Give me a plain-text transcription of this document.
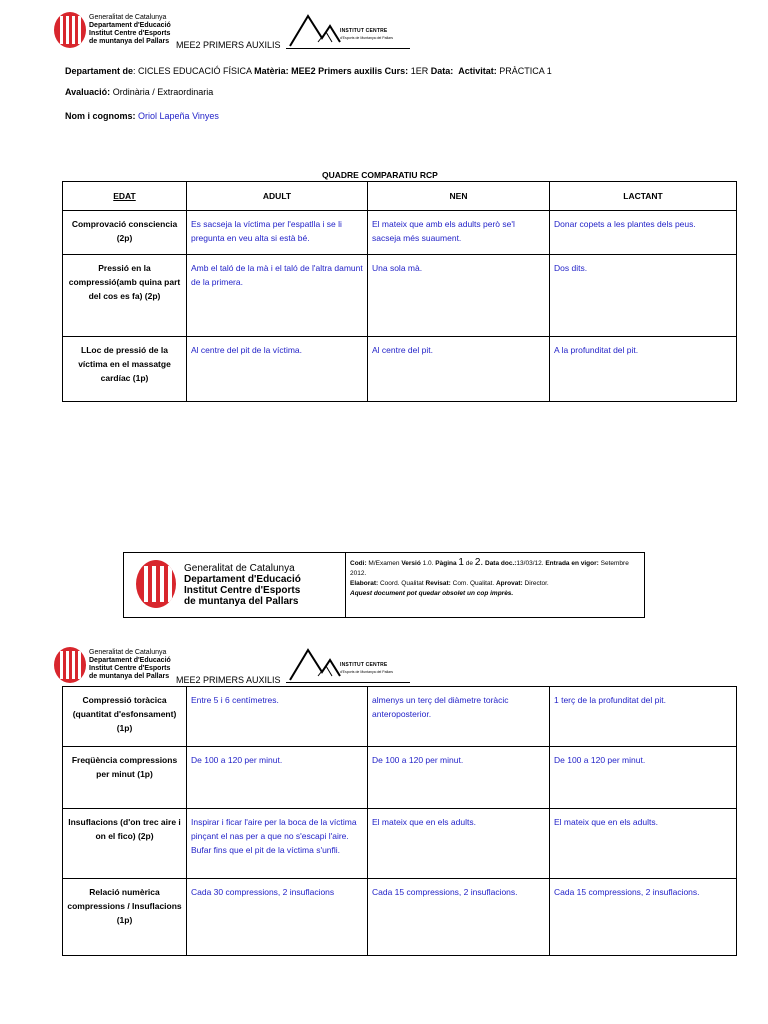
Generalitat de Catalunya
Departament d'Educació
Institut Centre d'Esports
de muntanya del Pallars MEE2 PRIMERS AUXILIS
INSTITUT CENTRE
d'Esports de Muntanya del Pallars
Departament de: CICLES EDUCACIÓ FÍSICA Matèria: MEE2 Primers auxilis Curs: 1ER Data: Activitat: PRÀCTICA 1
Avaluació: Ordinària / Extraordinaria
Nom i cognoms: Oriol Lapeña Vinyes
QUADRE COMPARATIU RCP
EDAT	ADULT	NEN	LACTANT
Comprovació consciencia (2p)	Es sacseja la víctima per l'espatlla i se li pregunta en veu alta si està bé.	El mateix que amb els adults però se'l sacseja més suaument.	Donar copets a les plantes dels peus.
Pressió en la compressió(amb quina part del cos es fa) (2p)	Amb el taló de la mà i el taló de l'altra damunt de la primera.	Una sola mà.	Dos dits.
LLoc de pressió de la víctima en el massatge cardíac (1p)	Al centre del pit de la víctima.	Al centre del pit.	A la profunditat del pit.
Generalitat de Catalunya
Departament d'Educació
Institut Centre d'Esports
de muntanya del Pallars
Codi: M/Examen Versió 1.0. Pàgina 1 de 2. Data doc.:13/03/12. Entrada en vigor: Setembre 2012.
Elaborat: Coord. Qualitat Revisat: Com. Qualitat. Aprovat: Director.
Aquest document pot quedar obsolet un cop imprès.
Generalitat de Catalunya
Departament d'Educació
Institut Centre d'Esports
de muntanya del Pallars MEE2 PRIMERS AUXILIS
INSTITUT CENTRE
d'Esports de Muntanya del Pallars
Compressió toràcica (quantitat d'esfonsament) (1p)	Entre 5 i 6 centímetres.	almenys un terç del diàmetre toràcic anteroposterior.	1 terç de la profunditat del pit.
Freqüència compressions per minut (1p)	De 100 a 120 per minut.	De 100 a 120 per minut.	De 100 a 120 per minut.
Insuflacions (d'on trec aire i on el fico) (2p)	Inspirar i ficar l'aire per la boca de la víctima pinçant el nas per a que no s'escapi l'aire. Bufar fins que el pit de la víctima s'unfli.	El mateix que en els adults.	El mateix que en els adults.
Relació numèrica compressions / Insuflacions (1p)	Cada 30 compressions, 2 insuflacions	Cada 15 compressions, 2 insuflacions.	Cada 15 compressions, 2 insuflacions.
